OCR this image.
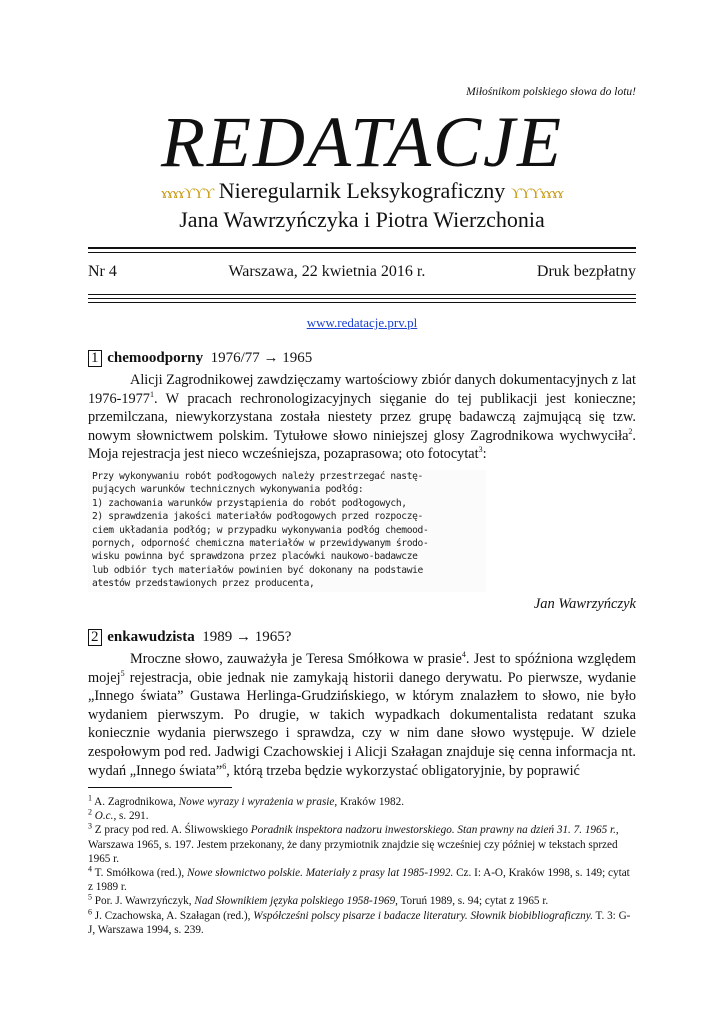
Miłośnikom polskiego słowa do lotu!
REDATACJE
ɤɤɤɤϒϒϒ Nieregularnik Leksykograficzny ϒϒϒɤɤɤɤ
Jana Wawrzyńczyka i Piotra Wierzchonia
Nr 4	Warszawa, 22 kwietnia 2016 r.	Druk bezpłatny
www.redatacje.prv.pl
1 chemoodporny 1976/77 → 1965

Alicji Zagrodnikowej zawdzięczamy wartościowy zbiór danych dokumentacyjnych z lat 1976-1977$^1$. W pracach rechronologizacyjnych sięganie do tej publikacji jest konieczne; przemilczana, niewykorzystana została niestety przez grupę badawczą zajmującą się tzw. nowym słownictwem polskim. Tytułowe słowo niniejszej glosy Zagrodnikowa wychwyciła$^2$. Moja rejestracja jest nieco wcześniejsza, pozaprasowa; oto fotocytat$^3$:

Przy wykonywaniu robót podłogowych należy przestrzegać nastę-
pujących warunków technicznych wykonywania podłóg:
1) zachowania warunków przystąpienia do robót podłogowych,
2) sprawdzenia jakości materiałów podłogowych przed rozpoczę-
ciem układania podłóg; w przypadku wykonywania podłóg chemood-
pornych, odporność chemiczna materiałów w przewidywanym środo-
wisku powinna być sprawdzona przez placówki naukowo-badawcze
lub odbiór tych materiałów powinien być dokonany na podstawie
atestów przedstawionych przez producenta,
Jan Wawrzyńczyk
2 enkawudzista 1989 → 1965?

Mroczne słowo, zauważyła je Teresa Smółkowa w prasie$^4$. Jest to spóźniona względem mojej$^5$ rejestracja, obie jednak nie zamykają historii danego derywatu. Po pierwsze, wydanie „Innego świata” Gustawa Herlinga-Grudzińskiego, w którym znalazłem to słowo, nie było wydaniem pierwszym. Po drugie, w takich wypadkach dokumentalista redatant szuka koniecznie wydania pierwszego i sprawdza, czy w nim dane słowo występuje. W dziele zespołowym pod red. Jadwigi Czachowskiej i Alicji Szałagan znajduje się cenna informacja nt. wydań „Innego świata”$^6$, którą trzeba będzie wykorzystać obligatoryjnie, by poprawić

$^1$ A. Zagrodnikowa, Nowe wyrazy i wyrażenia w prasie, Kraków 1982.
$^2$ O.c., s. 291.
$^3$ Z pracy pod red. A. Śliwowskiego Poradnik inspektora nadzoru inwestorskiego. Stan prawny na dzień 31. 7. 1965 r., Warszawa 1965, s. 197. Jestem przekonany, że dany przymiotnik znajdzie się wcześniej czy później w tekstach sprzed 1965 r.
$^4$ T. Smółkowa (red.), Nowe słownictwo polskie. Materiały z prasy lat 1985-1992. Cz. I: A-O, Kraków 1998, s. 149; cytat z 1989 r.
$^5$ Por. J. Wawrzyńczyk, Nad Słownikiem języka polskiego 1958-1969, Toruń 1989, s. 94; cytat z 1965 r.
$^6$ J. Czachowska, A. Szałagan (red.), Współcześni polscy pisarze i badacze literatury. Słownik biobibliograficzny. T. 3: G-J, Warszawa 1994, s. 239.
